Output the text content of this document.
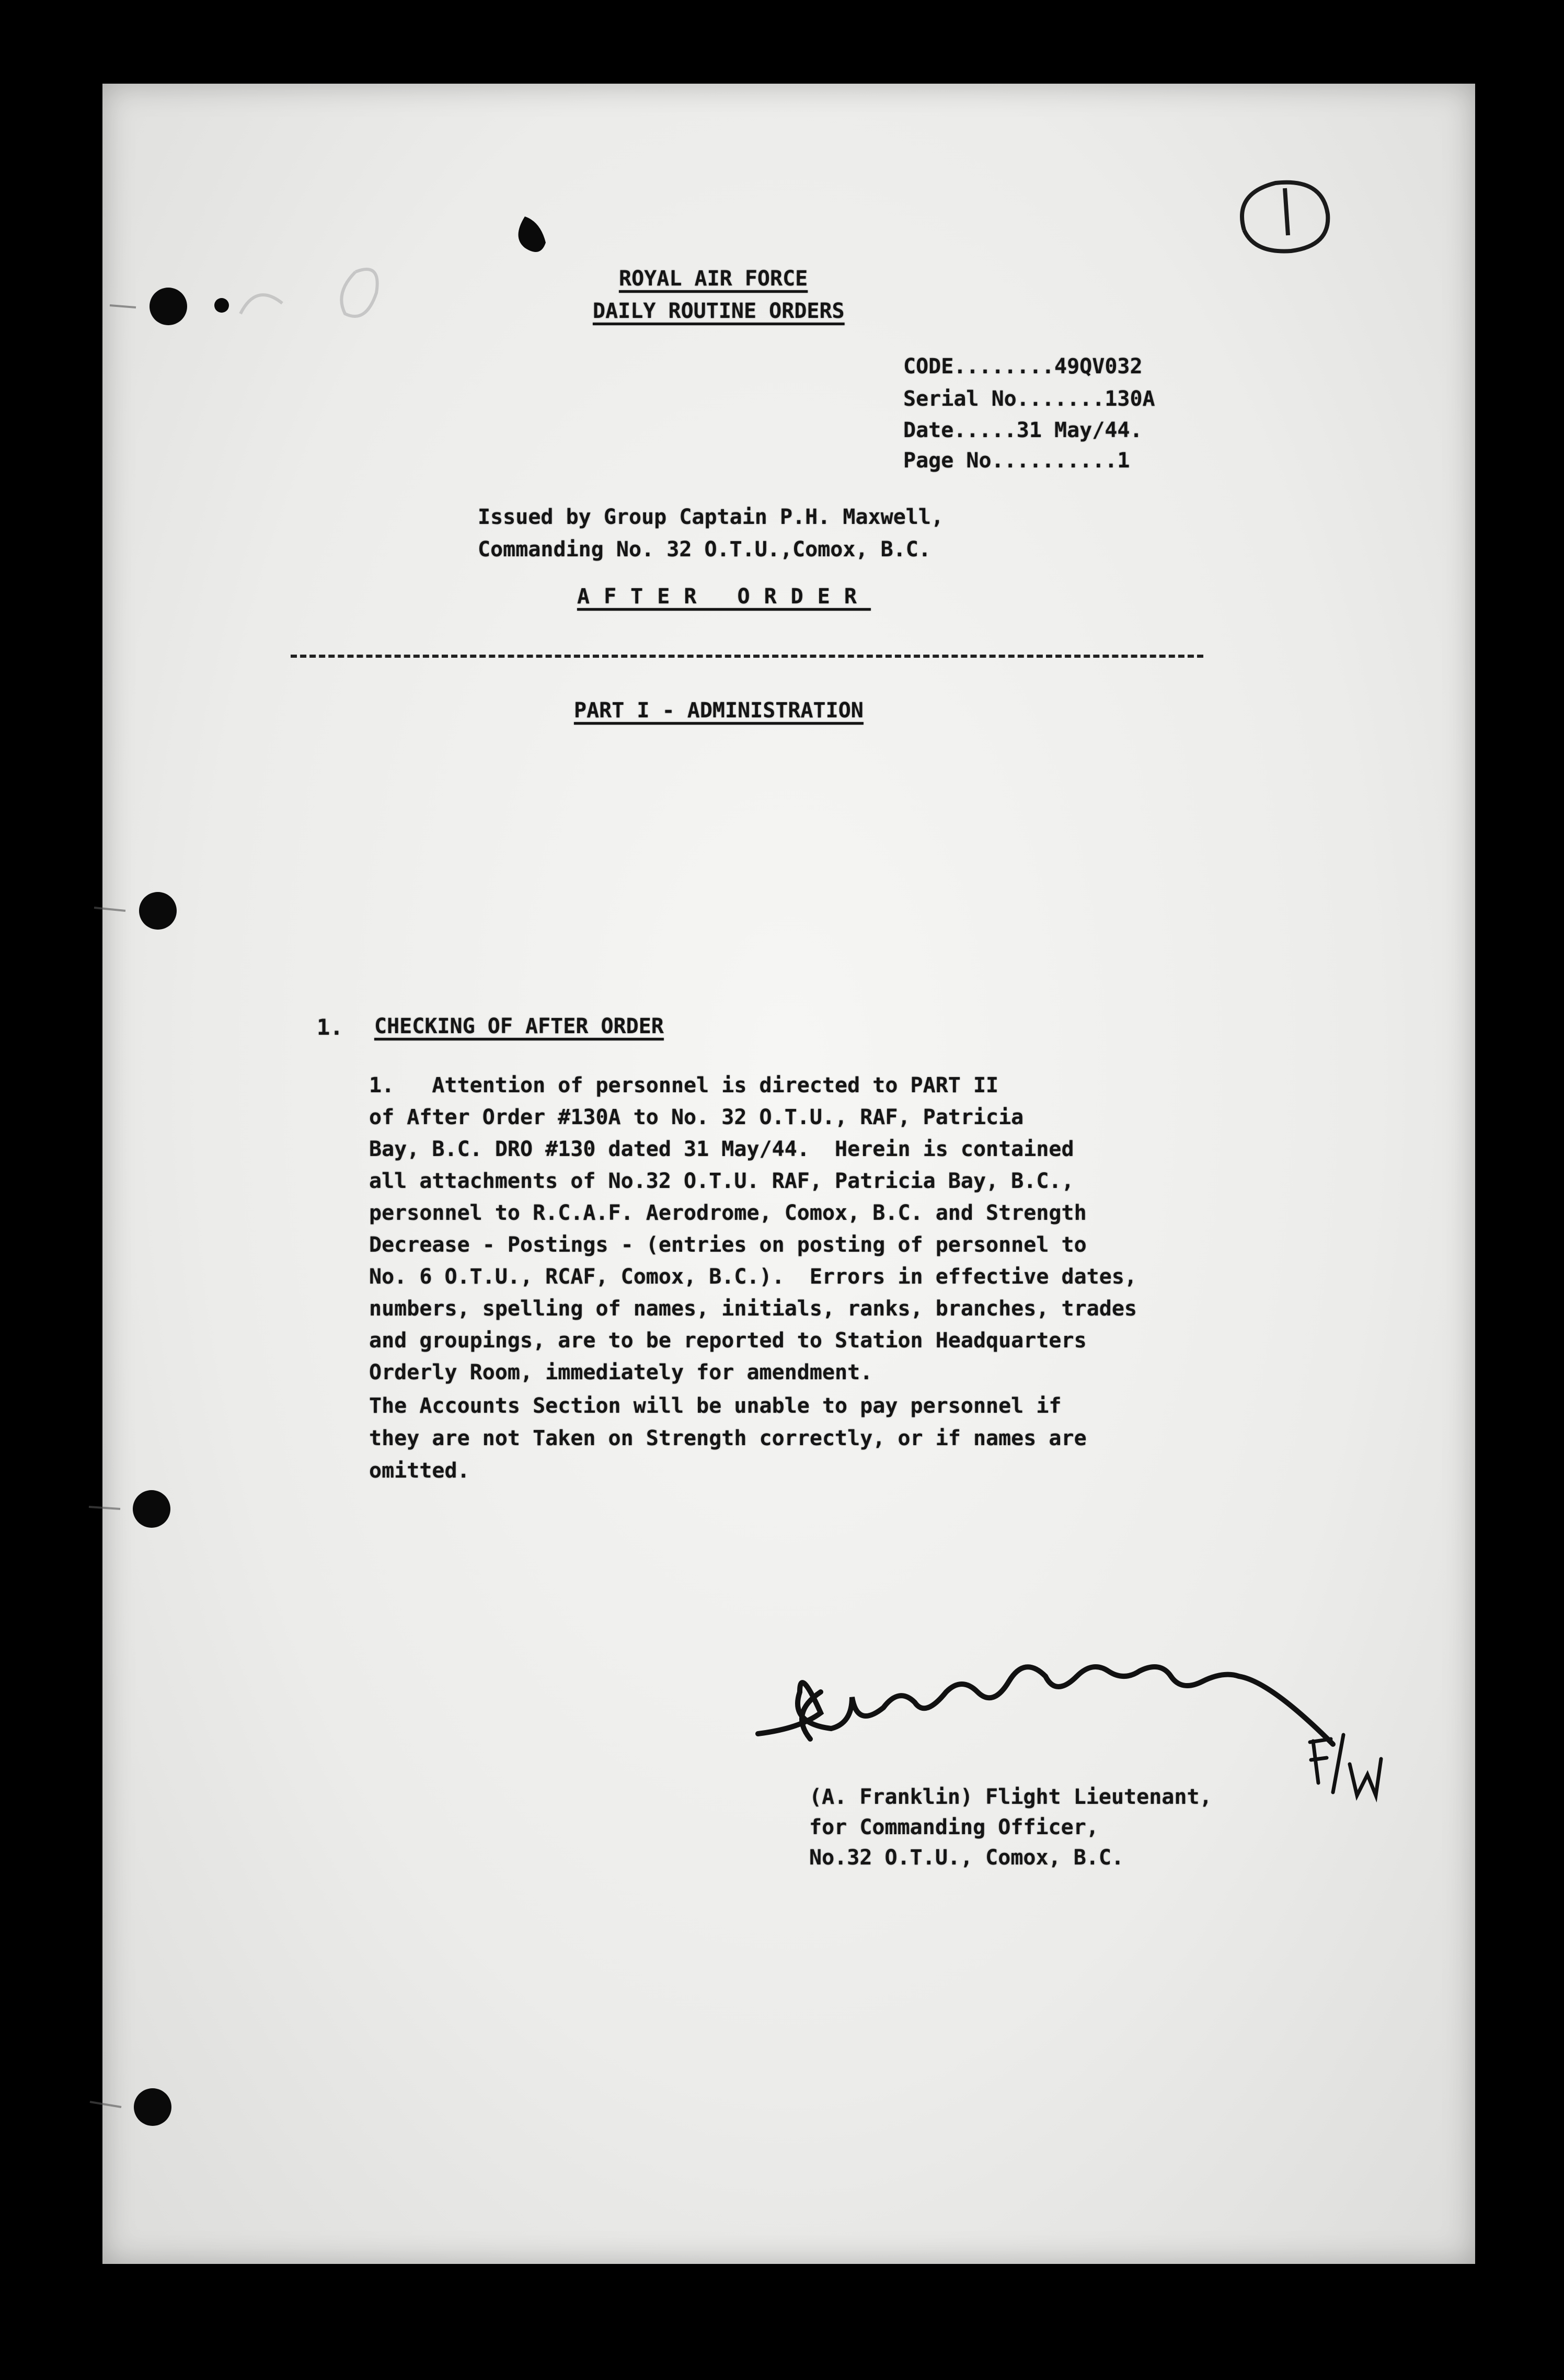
ROYAL AIR FORCE
DAILY ROUTINE ORDERS
CODE........49QV032
Serial No.......130A
Date.....31 May/44.
Page No..........1
Issued by Group Captain P.H. Maxwell,
Commanding No. 32 O.T.U.,Comox, B.C.
AFTER ORDER
PART I - ADMINISTRATION
1. CHECKING OF AFTER ORDER
1.   Attention of personnel is directed to PART II
of After Order #130A to No. 32 O.T.U., RAF, Patricia
Bay, B.C. DRO #130 dated 31 May/44.  Herein is contained
all attachments of No.32 O.T.U. RAF, Patricia Bay, B.C.,
personnel to R.C.A.F. Aerodrome, Comox, B.C. and Strength
Decrease - Postings - (entries on posting of personnel to
No. 6 O.T.U., RCAF, Comox, B.C.).  Errors in effective dates,
numbers, spelling of names, initials, ranks, branches, trades
and groupings, are to be reported to Station Headquarters
Orderly Room, immediately for amendment.
The Accounts Section will be unable to pay personnel if
they are not Taken on Strength correctly, or if names are
omitted.
(A. Franklin) Flight Lieutenant,
for Commanding Officer,
No.32 O.T.U., Comox, B.C.
